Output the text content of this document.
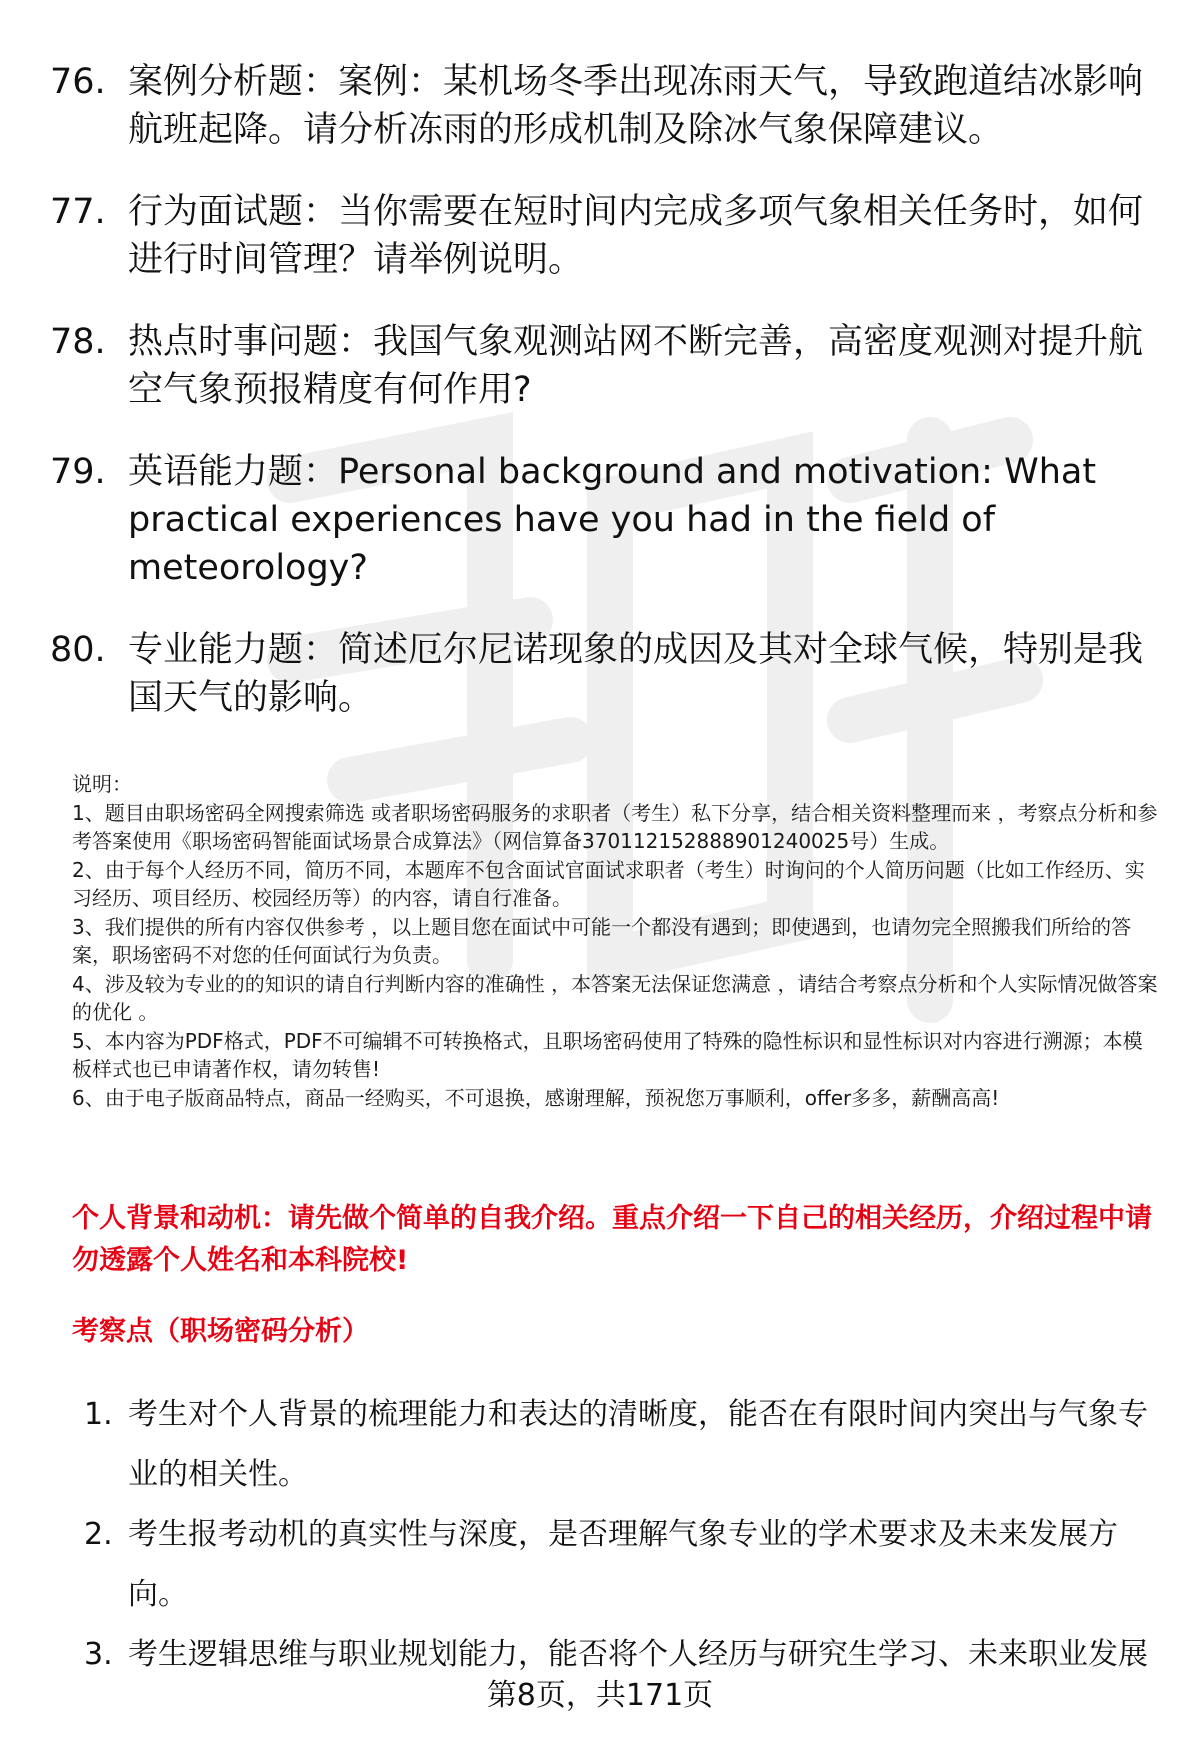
76. 案例分析题：案例：某机场冬季出现冻雨天气，导致跑道结冰影响航班起降。请分析冻雨的形成机制及除冰气象保障建议。
77. 行为面试题：当你需要在短时间内完成多项气象相关任务时，如何进行时间管理？请举例说明。
78. 热点时事问题：我国气象观测站网不断完善，高密度观测对提升航空气象预报精度有何作用?
79. 英语能力题：Personal background and motivation: What practical experiences have you had in the field of meteorology?
80. 专业能力题：简述厄尔尼诺现象的成因及其对全球气候，特别是我国天气的影响。

说明：

1、题目由职场密码全网搜索筛选 或者职场密码服务的求职者（考生）私下分享，结合相关资料整理而来 ，考察点分析和参考答案使用《职场密码智能面试场景合成算法》（网信算备370112152888901240025号）生成。

2、由于每个人经历不同，简历不同，本题库不包含面试官面试求职者（考生）时询问的个人简历问题（比如工作经历、实习经历、项目经历、校园经历等）的内容，请自行准备。

3、我们提供的所有内容仅供参考 ，以上题目您在面试中可能一个都没有遇到；即使遇到，也请勿完全照搬我们所给的答案，职场密码不对您的任何面试行为负责。

4、涉及较为专业的的知识的请自行判断内容的准确性 ，本答案无法保证您满意 ，请结合考察点分析和个人实际情况做答案的优化 。

5、本内容为PDF格式，PDF不可编辑不可转换格式，且职场密码使用了特殊的隐性标识和显性标识对内容进行溯源；本模板样式也已申请著作权，请勿转售!

6、由于电子版商品特点，商品一经购买，不可退换，感谢理解，预祝您万事顺利，offer多多，薪酬高高!

个人背景和动机：请先做个简单的自我介绍。重点介绍一下自己的相关经历，介绍过程中请勿透露个人姓名和本科院校!
考察点（职场密码分析）
1. 考生对个人背景的梳理能力和表达的清晰度，能否在有限时间内突出与气象专业的相关性。
2. 考生报考动机的真实性与深度，是否理解气象专业的学术要求及未来发展方向。
3. 考生逻辑思维与职业规划能力，能否将个人经历与研究生学习、未来职业发展
第8页，共171页
